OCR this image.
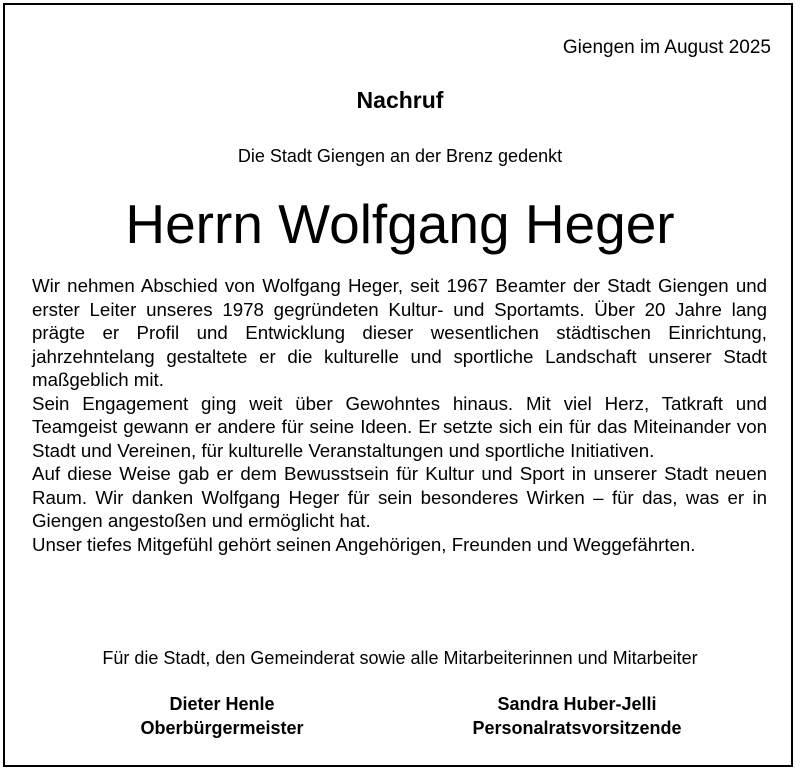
Giengen im August 2025
Nachruf
Die Stadt Giengen an der Brenz gedenkt
Herrn Wolfgang Heger

Wir nehmen Abschied von Wolfgang Heger, seit 1967 Beamter der Stadt Giengen und erster Leiter unseres 1978 gegründeten Kultur- und Sportamts. Über 20 Jahre lang prägte er Profil und Entwicklung dieser wesentlichen städtischen Einrichtung, jahrzehntelang gestaltete er die kulturelle und sportliche Landschaft unserer Stadt maßgeblich mit.

Sein Engagement ging weit über Gewohntes hinaus. Mit viel Herz, Tatkraft und Teamgeist gewann er andere für seine Ideen. Er setzte sich ein für das Miteinander von Stadt und Vereinen, für kulturelle Veranstaltungen und sportliche Initiativen.

Auf diese Weise gab er dem Bewusstsein für Kultur und Sport in unserer Stadt neuen Raum. Wir danken Wolfgang Heger für sein besonderes Wirken – für das, was er in Giengen angestoßen und ermöglicht hat.

Unser tiefes Mitgefühl gehört seinen Angehörigen, Freunden und Weggefährten.

Für die Stadt, den Gemeinderat sowie alle Mitarbeiterinnen und Mitarbeiter
Dieter Henle
Oberbürgermeister
Sandra Huber-Jelli
Personalratsvorsitzende
